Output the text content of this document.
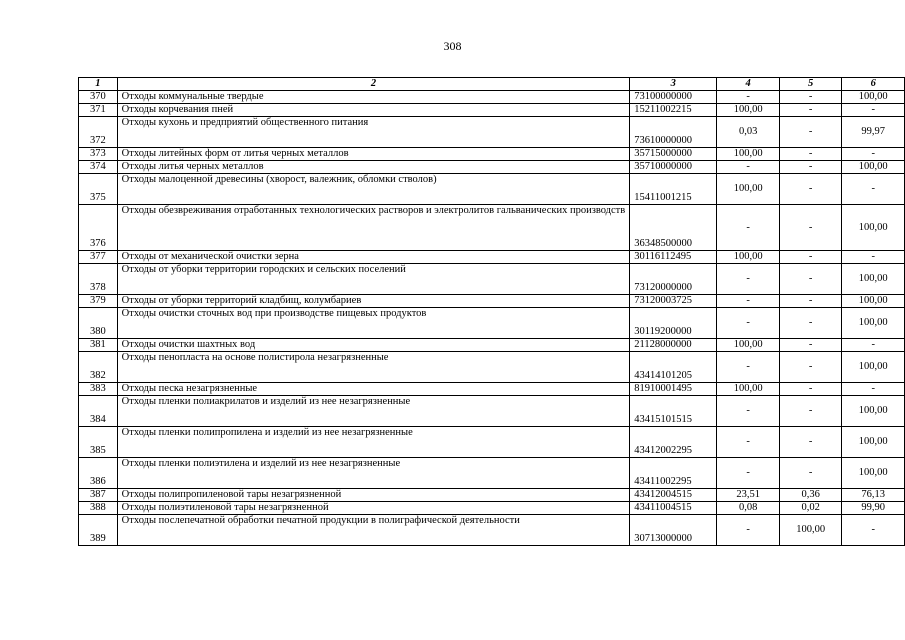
308
1	2	3	4	5	6
370	Отходы коммунальные твердые	73100000000	-	-	100,00
371	Отходы корчевания пней	15211002215	100,00	-	-
372	Отходы кухонь и предприятий общественного питания	73610000000	0,03	-	99,97
373	Отходы литейных форм от литья черных металлов	35715000000	100,00	-	-
374	Отходы литья черных металлов	35710000000	-	-	100,00
375	Отходы малоценной древесины (хворост, валежник, обломки стволов)	15411001215	100,00	-	-
376	Отходы обезвреживания отработанных технологических растворов и электролитов гальванических производств	36348500000	-	-	100,00
377	Отходы от механической очистки зерна	30116112495	100,00	-	-
378	Отходы от уборки территории городских и сельских поселений	73120000000	-	-	100,00
379	Отходы от уборки территорий кладбищ, колумбариев	73120003725	-	-	100,00
380	Отходы очистки сточных вод при производстве пищевых продуктов	30119200000	-	-	100,00
381	Отходы очистки шахтных вод	21128000000	100,00	-	-
382	Отходы пенопласта на основе полистирола незагрязненные	43414101205	-	-	100,00
383	Отходы песка незагрязненные	81910001495	100,00	-	-
384	Отходы пленки полиакрилатов и изделий из нее незагрязненные	43415101515	-	-	100,00
385	Отходы пленки полипропилена и изделий из нее незагрязненные	43412002295	-	-	100,00
386	Отходы пленки полиэтилена и изделий из нее незагрязненные	43411002295	-	-	100,00
387	Отходы полипропиленовой тары незагрязненной	43412004515	23,51	0,36	76,13
388	Отходы полиэтиленовой тары незагрязненной	43411004515	0,08	0,02	99,90
389	Отходы послепечатной обработки печатной продукции в полиграфической деятельности	30713000000	-	100,00	-
